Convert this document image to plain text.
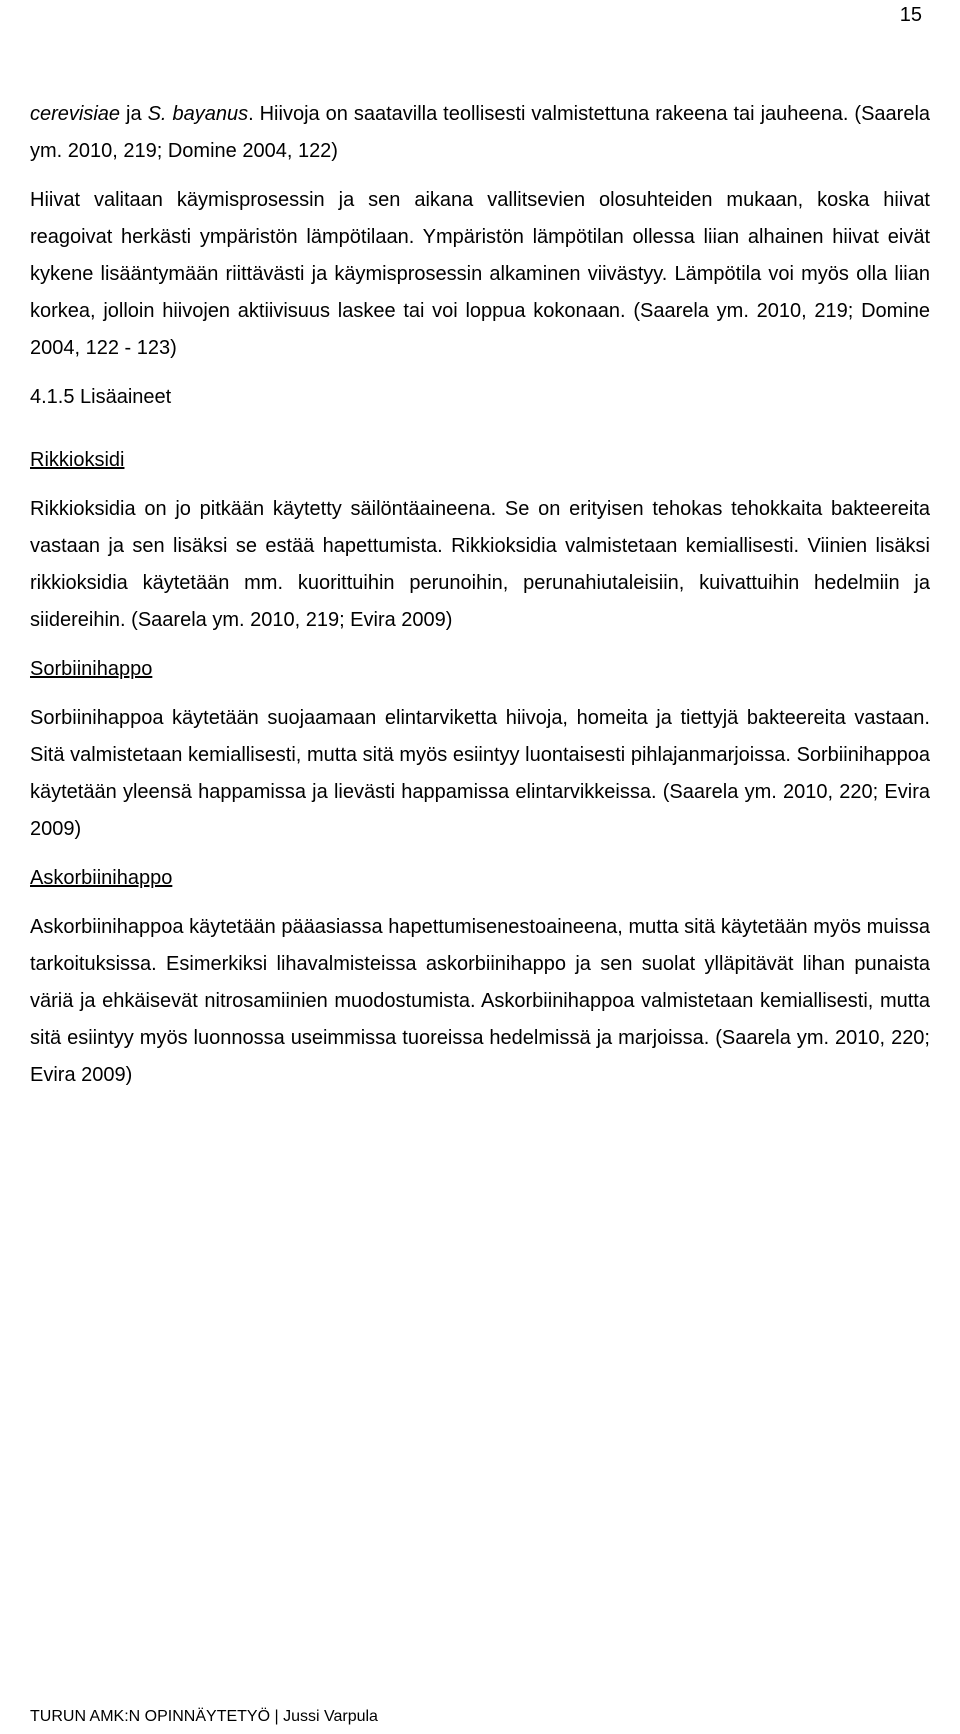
15

cerevisiae ja S. bayanus. Hiivoja on saatavilla teollisesti valmistettuna rakeena tai jauheena. (Saarela ym. 2010, 219; Domine 2004, 122)

Hiivat valitaan käymisprosessin ja sen aikana vallitsevien olosuhteiden mukaan, koska hiivat reagoivat herkästi ympäristön lämpötilaan. Ympäristön lämpötilan ollessa liian alhainen hiivat eivät kykene lisääntymään riittävästi ja käymisprosessin alkaminen viivästyy. Lämpötila voi myös olla liian korkea, jolloin hiivojen aktiivisuus laskee tai voi loppua kokonaan. (Saarela ym. 2010, 219; Domine 2004, 122 - 123)

4.1.5 Lisäaineet
Rikkioksidi

Rikkioksidia on jo pitkään käytetty säilöntäaineena. Se on erityisen tehokas tehokkaita bakteereita vastaan ja sen lisäksi se estää hapettumista. Rikkioksidia valmistetaan kemiallisesti. Viinien lisäksi rikkioksidia käytetään mm. kuorittuihin perunoihin, perunahiutaleisiin, kuivattuihin hedelmiin ja siidereihin. (Saarela ym. 2010, 219; Evira 2009)

Sorbiinihappo

Sorbiinihappoa käytetään suojaamaan elintarviketta hiivoja, homeita ja tiettyjä bakteereita vastaan. Sitä valmistetaan kemiallisesti, mutta sitä myös esiintyy luontaisesti pihlajanmarjoissa. Sorbiinihappoa käytetään yleensä happamissa ja lievästi happamissa elintarvikkeissa. (Saarela ym. 2010, 220; Evira 2009)

Askorbiinihappo

Askorbiinihappoa käytetään pääasiassa hapettumisenestoaineena, mutta sitä käytetään myös muissa tarkoituksissa. Esimerkiksi lihavalmisteissa askorbiinihappo ja sen suolat ylläpitävät lihan punaista väriä ja ehkäisevät nitrosamiinien muodostumista. Askorbiinihappoa valmistetaan kemiallisesti, mutta sitä esiintyy myös luonnossa useimmissa tuoreissa hedelmissä ja marjoissa. (Saarela ym. 2010, 220; Evira 2009)

TURUN AMK:N OPINNÄYTETYÖ | Jussi Varpula
